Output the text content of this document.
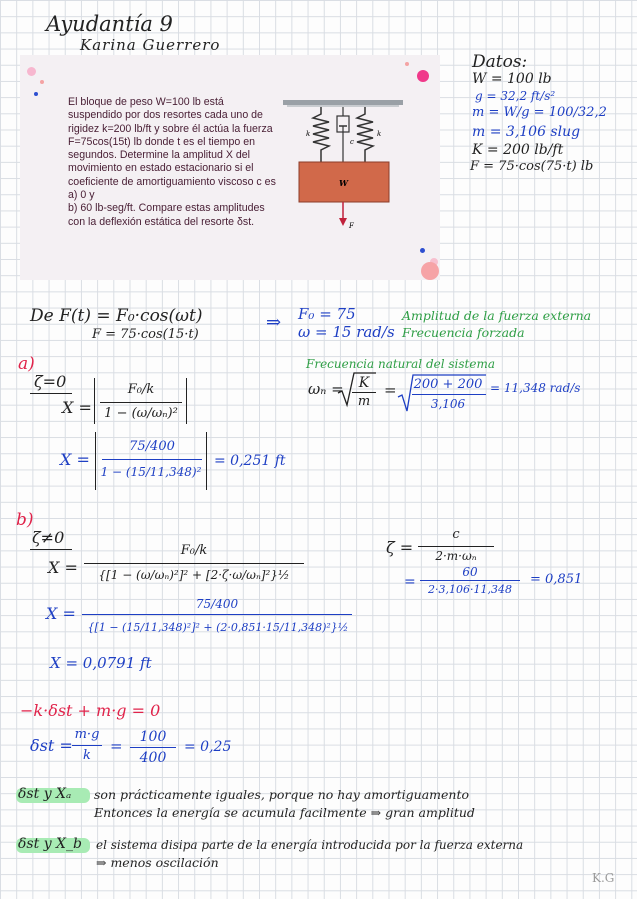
Ayudantía 9
Karina Guerrero
El bloque de peso W=100 lb está suspendido por dos resortes cada uno de rigidez k=200 lb/ft y sobre él actúa la fuerza F=75cos(15t) lb donde t es el tiempo en segundos. Determine la amplitud X del movimiento en estado estacionario si el coeficiente de amortiguamiento viscoso c es
a) 0 y
b) 60 lb-seg/ft. Compare estas amplitudes con la deflexión estática del resorte δst.
k	k
c
W
F
Datos:
W = 100 lb
g = 32,2 ft/s²
m = W/g = 100/32,2
m = 3,106 slug
K = 200 lb/ft
F = 75·cos(75·t) lb
De F(t) = F₀·cos(ωt)
F = 75·cos(15·t)
⇒ F₀ = 75
ω = 15 rad/s
Amplitud de la fuerza externa
Frecuencia forzada
Frecuencia natural del sistema
ωₙ =	K
m
= 200 + 200
3,106
= 11,348 rad/s
a)
ζ=0
X =
F₀/k
1 − (ω/ωₙ)²
X =
75/400
1 − (15/11,348)²
= 0,251 ft
b)
ζ≠0
X =
F₀/k
{[1 − (ω/ωₙ)²]² + [2·ζ·ω/ωₙ]²}½
X =	75/400
{[1 − (15/11,348)²]² + (2·0,851·15/11,348)²}½
X = 0,0791 ft
ζ =
c
2·m·ωₙ
=
60
2·3,106·11,348
= 0,851
−k·δst + m·g = 0
δst =
m·g
k
=	100
400
= 0,25
δst y Xₐ son prácticamente iguales, porque no hay amortiguamento
Entonces la energía se acumula facilmente ⇒ gran amplitud
δst y X_b el sistema disipa parte de la energía introducida por la fuerza externa
⇒ menos oscilación
K.G
